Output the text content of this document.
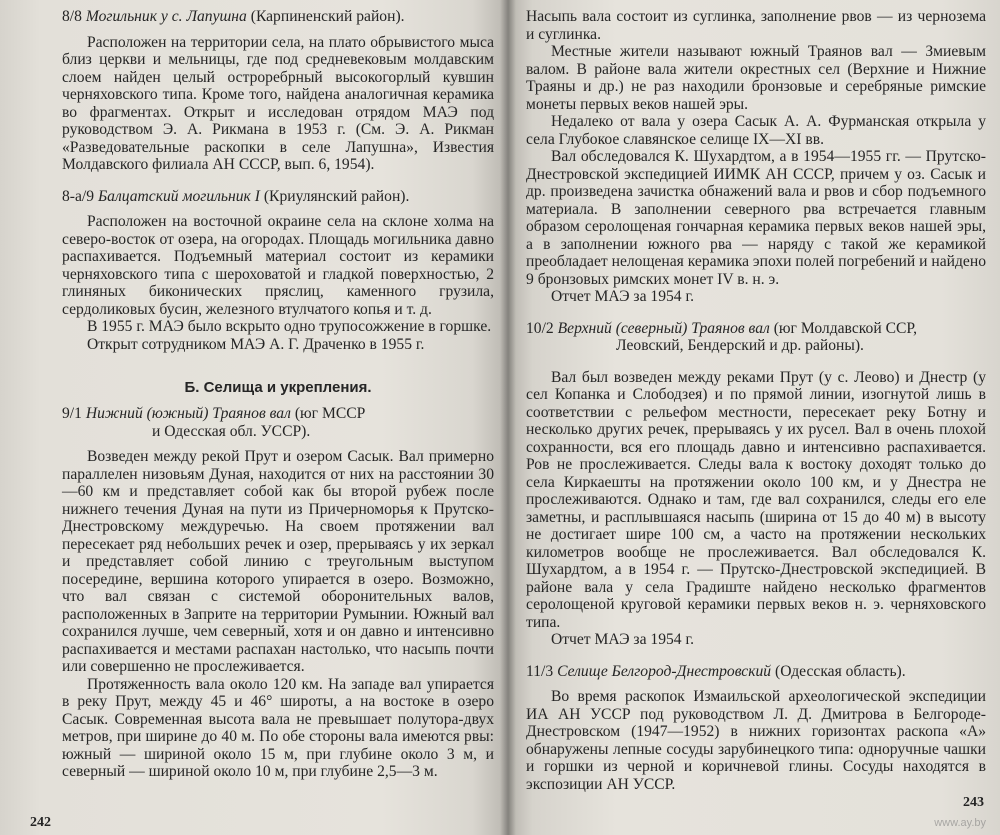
8/8 Могильник у с. Лапушна (Карпиненский район).

Расположен на территории села, на плато обрывистого мыса близ церкви и мельницы, где под средневековым молдавским слоем найден целый остроребрный высокогорлый кувшин черняховского типа. Кроме того, найдена аналогичная керамика во фрагментах. Открыт и исследован отрядом МАЭ под руководством Э. А. Рикмана в 1953 г. (См. Э. А. Рикман «Разведовательные раскопки в селе Лапушна», Известия Молдавского филиала АН СССР, вып. 6, 1954).

8-а/9 Балцатский могильник I (Криулянский район).

Расположен на восточной окраине села на склоне холма на северо-восток от озера, на огородах. Площадь могильника давно распахивается. Подъемный материал состоит из керамики черняховского типа с шероховатой и гладкой поверхностью, 2 глиняных биконических пряслиц, каменного грузила, сердоликовых бусин, железного втулчатого копья и т. д.

В 1955 г. МАЭ было вскрыто одно трупосожжение в горшке.

Открыт сотрудником МАЭ А. Г. Драченко в 1955 г.

Б. Селища и укрепления.
9/1 Нижний (южный) Траянов вал (юг МССР
и Одесская обл. УССР).

Возведен между рекой Прут и озером Сасык. Вал примерно параллелен низовьям Дуная, находится от них на расстоянии 30—60 км и представляет собой как бы второй рубеж после нижнего течения Дуная на пути из Причерноморья к Прутско-Днестровскому междуречью. На своем протяжении вал пересекает ряд небольших речек и озер, прерываясь у их зеркал и представляет собой линию с треугольным выступом посередине, вершина которого упирается в озеро. Возможно, что вал связан с системой оборонительных валов, расположенных в Заприте на территории Румынии. Южный вал сохранился лучше, чем северный, хотя и он давно и интенсивно распахивается и местами распахан настолько, что насыпь почти или совершенно не прослеживается.

Протяженность вала около 120 км. На западе вал упирается в реку Прут, между 45 и 46° широты, а на востоке в озеро Сасык. Современная высота вала не превышает полутора-двух метров, при ширине до 40 м. По обе стороны вала имеются рвы: южный — шириной около 15 м, при глубине около 3 м, и северный — шириной около 10 м, при глубине 2,5—3 м.

242

Насыпь вала состоит из суглинка, заполнение рвов — из чернозема и суглинка.

Местные жители называют южный Траянов вал — Змиевым валом. В районе вала жители окрестных сел (Верхние и Нижние Траяны и др.) не раз находили бронзовые и серебряные римские монеты первых веков нашей эры.

Недалеко от вала у озера Сасык А. А. Фурманская открыла у села Глубокое славянское селище IX—XI вв.

Вал обследовался К. Шухардтом, а в 1954—1955 гг. — Прутско-Днестровской экспедицией ИИМК АН СССР, причем у оз. Сасык и др. произведена зачистка обнажений вала и рвов и сбор подъемного материала. В заполнении северного рва встречается главным образом серолощеная гончарная керамика первых веков нашей эры, а в заполнении южного рва — наряду с такой же керамикой преобладает нелощеная керамика эпохи полей погребений и найдено 9 бронзовых римских монет IV в. н. э.

Отчет МАЭ за 1954 г.

10/2 Верхний (северный) Траянов вал (юг Молдавской ССР,
Леовский, Бендерский и др. районы).

Вал был возведен между реками Прут (у с. Леово) и Днестр (у сел Копанка и Слободзея) и по прямой линии, изогнутой лишь в соответствии с рельефом местности, пересекает реку Ботну и несколько других речек, прерываясь у их русел. Вал в очень плохой сохранности, вся его площадь давно и интенсивно распахивается. Ров не прослеживается. Следы вала к востоку доходят только до села Киркаешты на протяжении около 100 км, и у Днестра не прослеживаются. Однако и там, где вал сохранился, следы его еле заметны, и расплывшаяся насыпь (ширина от 15 до 40 м) в высоту не достигает шире 100 см, а часто на протяжении нескольких километров вообще не прослеживается. Вал обследовался К. Шухардтом, а в 1954 г. — Прутско-Днестровской экспедицией. В районе вала у села Градиште найдено несколько фрагментов серолощеной круговой керамики первых веков н. э. черняховского типа.

Отчет МАЭ за 1954 г.

11/3 Селище Белгород-Днестровский (Одесская область).

Во время раскопок Измаильской археологической экспедиции ИА АН УССР под руководством Л. Д. Дмитрова в Белгороде-Днестровском (1947—1952) в нижних горизонтах раскопа «А» обнаружены лепные сосуды зарубинецкого типа: одноручные чашки и горшки из черной и коричневой глины. Сосуды находятся в экспозиции АН УССР.

243
www.ay.by
